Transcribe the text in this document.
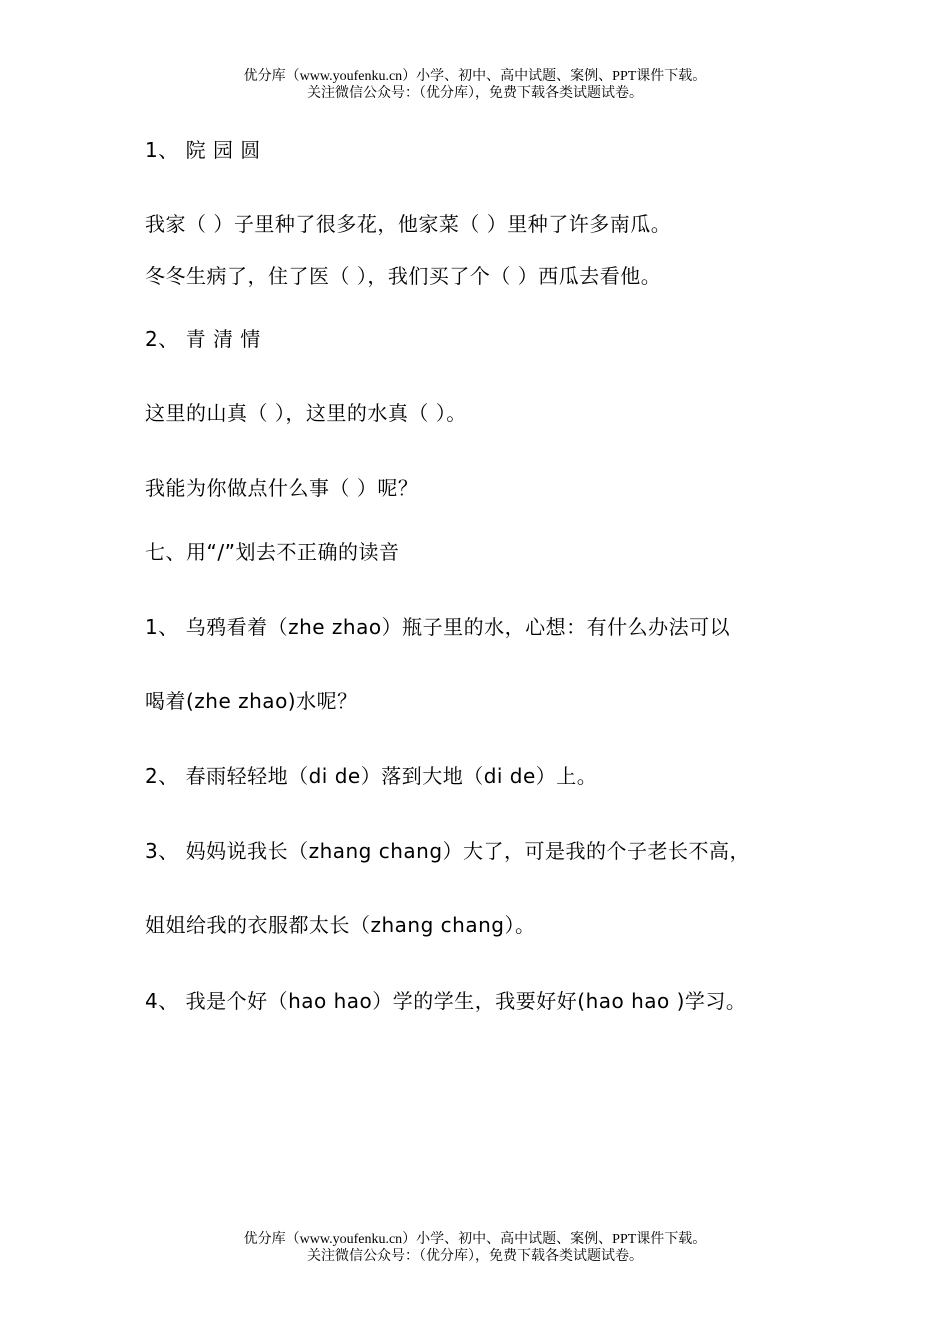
优分库（www.youfenku.cn）小学、初中、高中试题、案例、PPT课件下载。
关注微信公众号：（优分库），免费下载各类试题试卷。
1、 院 园 圆
我家（ ）子里种了很多花，他家菜（ ）里种了许多南瓜。
冬冬生病了，住了医（ ），我们买了个（ ）西瓜去看他。
2、 青 清 情
这里的山真（ ），这里的水真（ ）。
我能为你做点什么事（ ）呢？
七、用“/”划去不正确的读音
1、 乌鸦看着（zhe zhao）瓶子里的水，心想：有什么办法可以
喝着(zhe zhao)水呢？
2、 春雨轻轻地（di de）落到大地（di de）上。
3、 妈妈说我长（zhang chang）大了，可是我的个子老长不高，
姐姐给我的衣服都太长（zhang chang）。
4、 我是个好（hao hao）学的学生，我要好好(hao hao )学习。
优分库（www.youfenku.cn）小学、初中、高中试题、案例、PPT课件下载。
关注微信公众号：（优分库），免费下载各类试题试卷。
